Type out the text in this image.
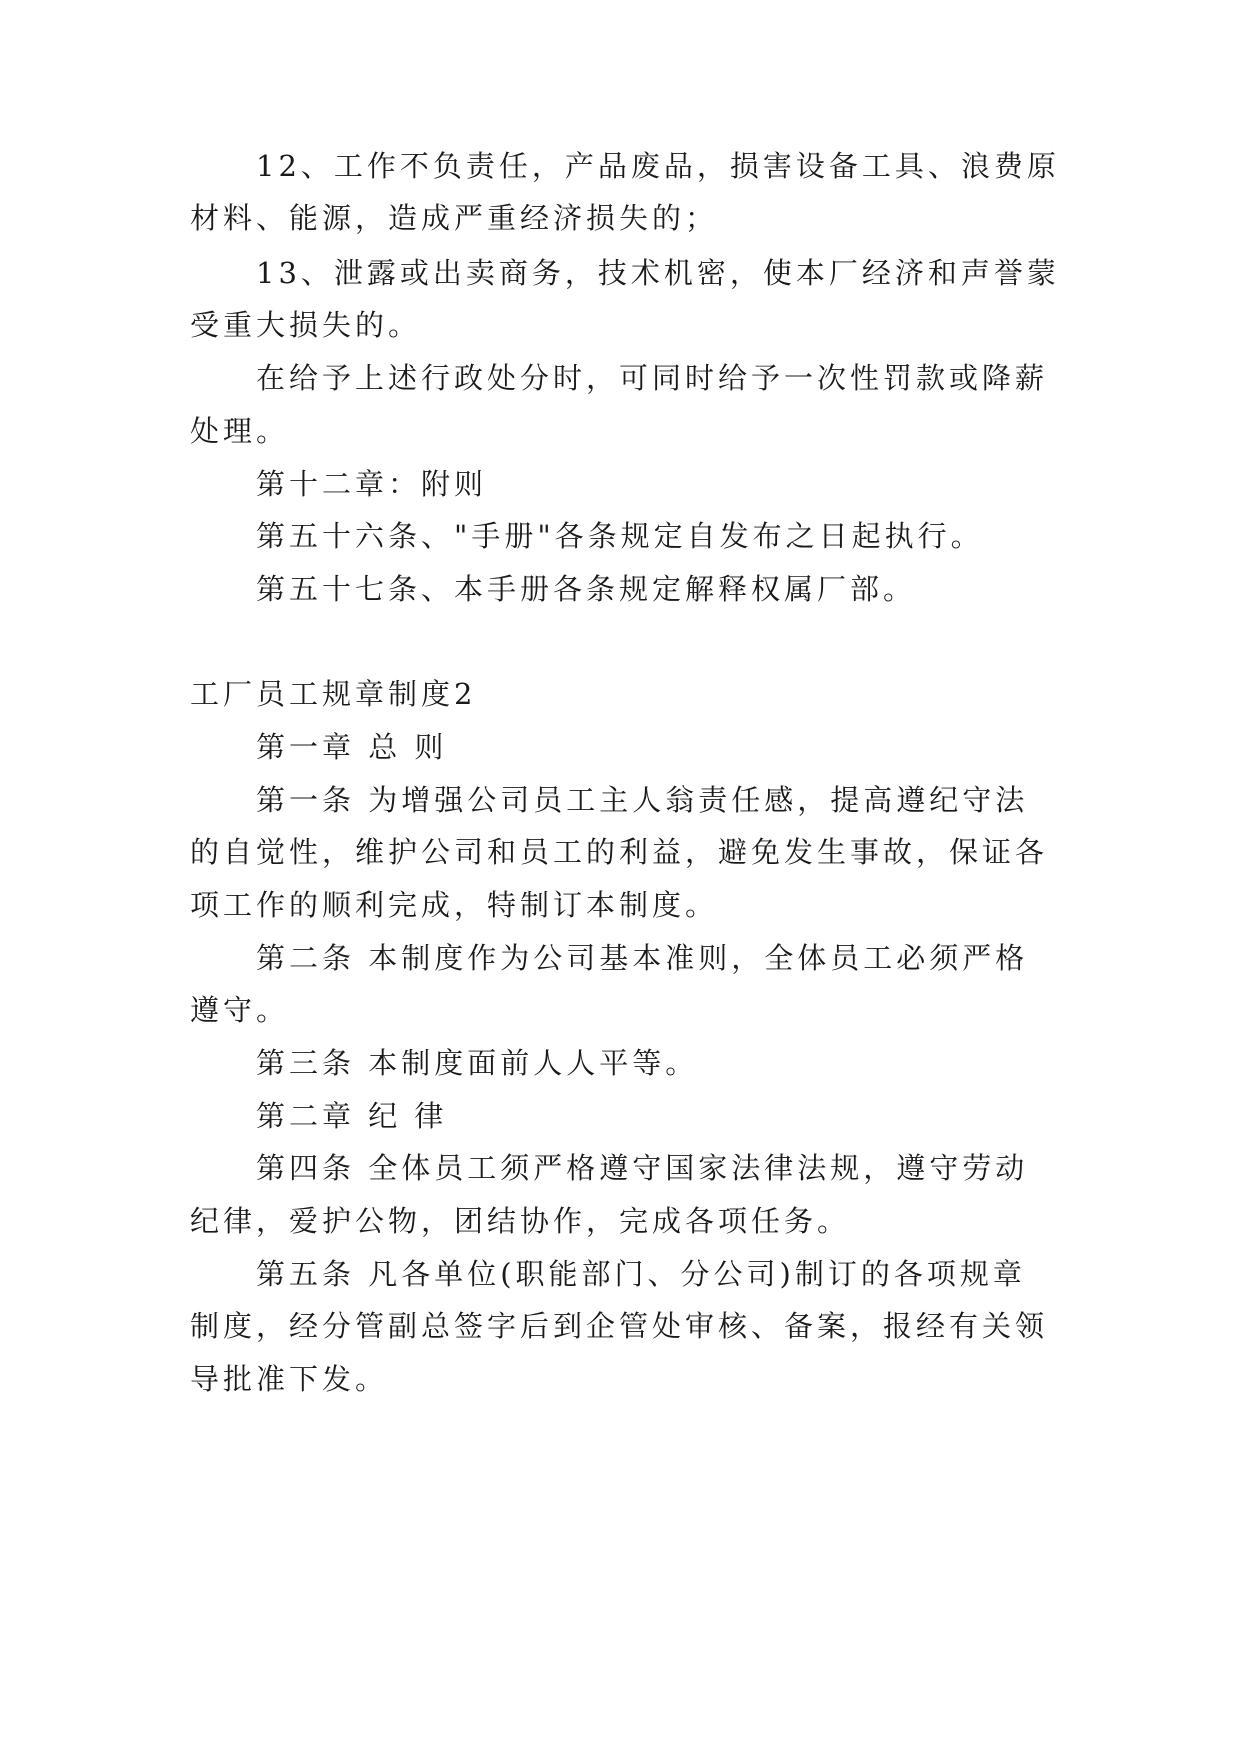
12、工作不负责任，产品废品，损害设备工具、浪费原
材料、能源，造成严重经济损失的；
13、泄露或出卖商务，技术机密，使本厂经济和声誉蒙
受重大损失的。
在给予上述行政处分时，可同时给予一次性罚款或降薪
处理。
第十二章：附则
第五十六条、"手册"各条规定自发布之日起执行。
第五十七条、本手册各条规定解释权属厂部。
工厂员工规章制度2
第一章 总 则
第一条 为增强公司员工主人翁责任感，提高遵纪守法
的自觉性，维护公司和员工的利益，避免发生事故，保证各
项工作的顺利完成，特制订本制度。
第二条 本制度作为公司基本准则，全体员工必须严格
遵守。
第三条 本制度面前人人平等。
第二章 纪 律
第四条 全体员工须严格遵守国家法律法规，遵守劳动
纪律，爱护公物，团结协作，完成各项任务。
第五条 凡各单位(职能部门、分公司)制订的各项规章
制度，经分管副总签字后到企管处审核、备案，报经有关领
导批准下发。
